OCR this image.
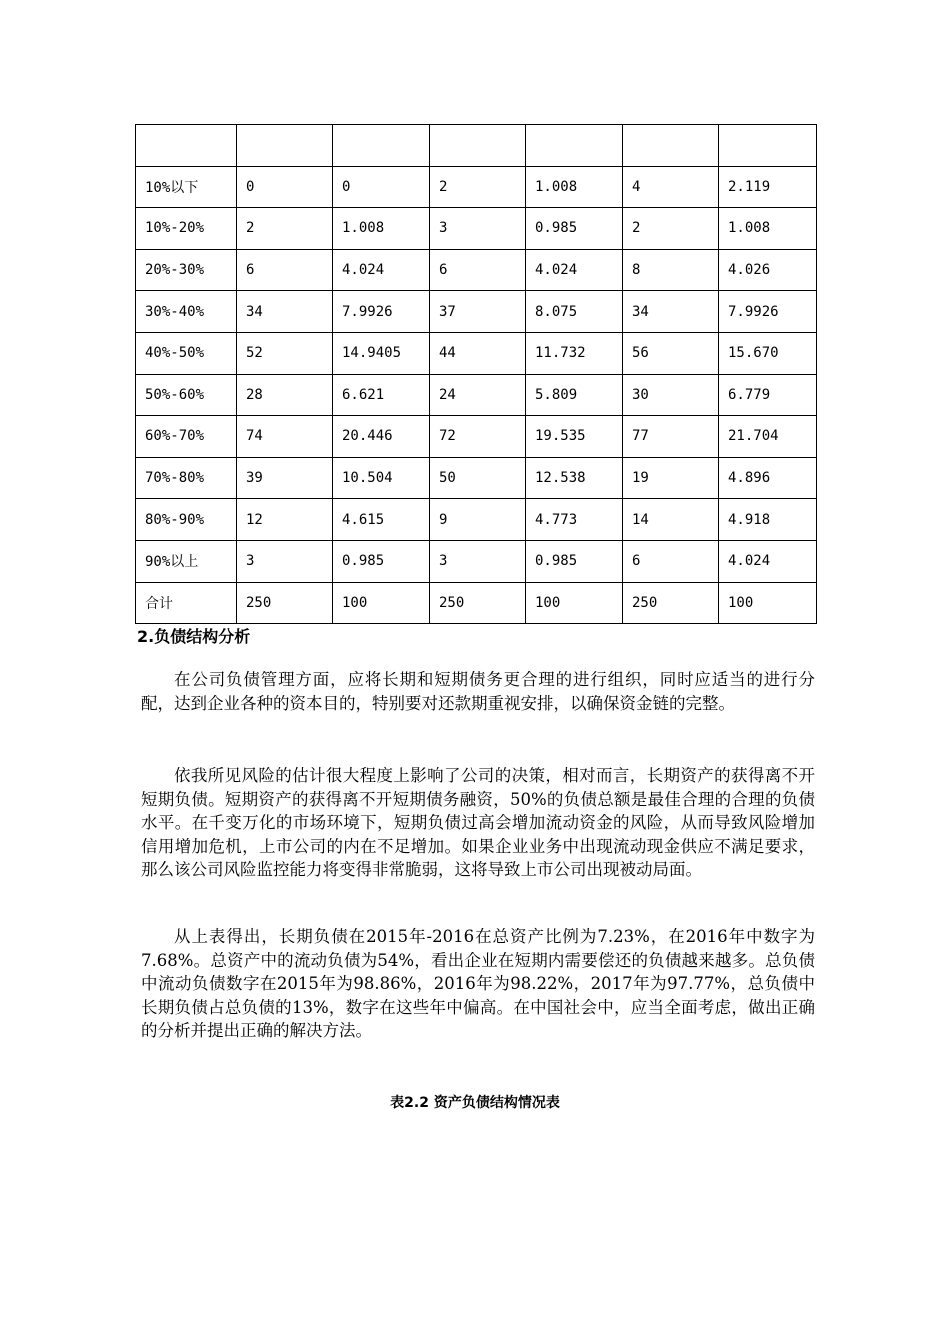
10%以下	0	0	2	1.008	4	2.119
10%-20%	2	1.008	3	0.985	2	1.008
20%-30%	6	4.024	6	4.024	8	4.026
30%-40%	34	7.9926	37	8.075	34	7.9926
40%-50%	52	14.9405	44	11.732	56	15.670
50%-60%	28	6.621	24	5.809	30	6.779
60%-70%	74	20.446	72	19.535	77	21.704
70%-80%	39	10.504	50	12.538	19	4.896
80%-90%	12	4.615	9	4.773	14	4.918
90%以上	3	0.985	3	0.985	6	4.024
合计	250	100	250	100	250	100
2.负债结构分析

在公司负债管理方面，应将长期和短期债务更合理的进行组织，同时应适当的进行分配，达到企业各种的资本目的，特别要对还款期重视安排，以确保资金链的完整。

依我所见风险的估计很大程度上影响了公司的决策，相对而言，长期资产的获得离不开短期负债。短期资产的获得离不开短期债务融资，50%的负债总额是最佳合理的合理的负债水平。在千变万化的市场环境下，短期负债过高会增加流动资金的风险，从而导致风险增加信用增加危机，上市公司的内在不足增加。如果企业业务中出现流动现金供应不满足要求，那么该公司风险监控能力将变得非常脆弱，这将导致上市公司出现被动局面。

从上表得出，长期负债在2015年-2016在总资产比例为7.23%，在2016年中数字为7.68%。总资产中的流动负债为54%，看出企业在短期内需要偿还的负债越来越多。总负债中流动负债数字在2015年为98.86%，2016年为98.22%，2017年为97.77%，总负债中长期负债占总负债的13%，数字在这些年中偏高。在中国社会中，应当全面考虑，做出正确的分析并提出正确的解决方法。

表2.2 资产负债结构情况表
